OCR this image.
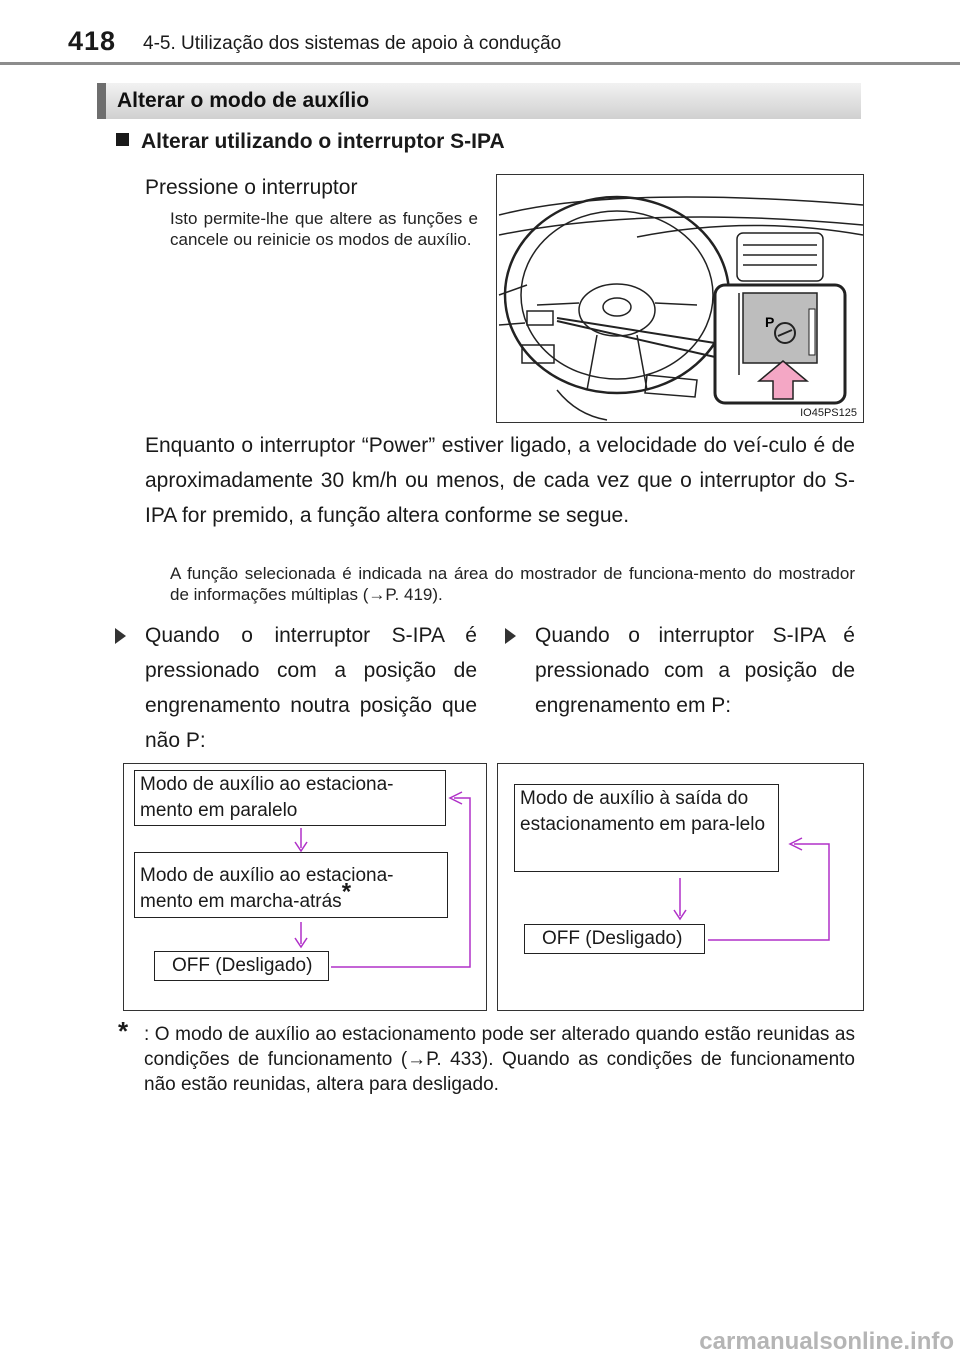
418 4-5. Utilização dos sistemas de apoio à condução
Alterar o modo de auxílio
Alterar utilizando o interruptor S-IPA
Pressione o interruptor
Isto permite-lhe que altere as funções e cancele ou reinicie os modos de auxílio.
P
IO45PS125
Enquanto o interruptor “Power” estiver ligado, a velocidade do veí-culo é de aproximadamente 30 km/h ou menos, de cada vez que o interruptor do S-IPA for premido, a função altera conforme se segue.
A função selecionada é indicada na área do mostrador de funciona-mento do mostrador de informações múltiplas (→P. 419).
Quando o interruptor S-IPA é pressionado com a posição de engrenamento noutra posição que não P:
Quando o interruptor S-IPA é pressionado com a posição de engrenamento em P:
Modo de auxílio ao estaciona-mento em paralelo
Modo de auxílio ao estaciona-mento em marcha-atrás*
OFF (Desligado)
Modo de auxílio à saída do estacionamento em para-lelo
OFF (Desligado)
* : O modo de auxílio ao estacionamento pode ser alterado quando estão reunidas as condições de funcionamento (→P. 433). Quando as condições de funcionamento não estão reunidas, altera para desligado.
carmanualsonline.info
